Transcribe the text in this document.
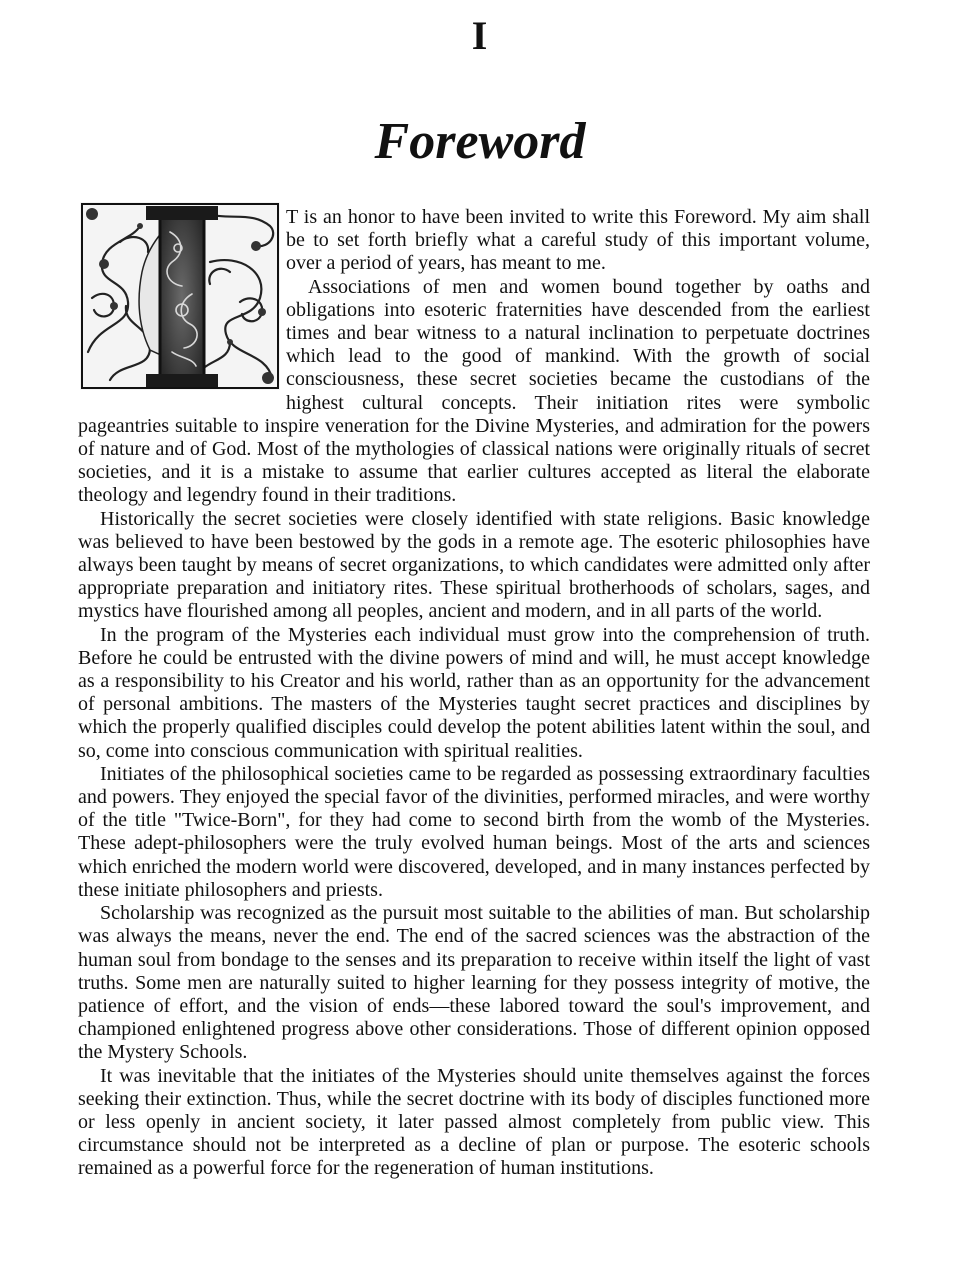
I
Foreword

T is an honor to have been invited to write this Foreword. My aim shall be to set forth briefly what a careful study of this important volume, over a period of years, has meant to me.

Associations of men and women bound together by oaths and obligations into esoteric fraternities have descended from the earliest times and bear witness to a natural inclination to perpetuate doctrines which lead to the good of mankind. With the growth of social consciousness, these secret societies became the custodians of the highest cultural concepts. Their initiation rites were symbolic pageantries suitable to inspire veneration for the Divine Mysteries, and admiration for the powers of nature and of God. Most of the mythologies of classical nations were originally rituals of secret societies, and it is a mistake to assume that earlier cultures accepted as literal the elaborate theology and legendry found in their traditions.

Historically the secret societies were closely identified with state religions. Basic knowledge was believed to have been bestowed by the gods in a remote age. The esoteric philosophies have always been taught by means of secret organizations, to which candidates were admitted only after appropriate preparation and initiatory rites. These spiritual brotherhoods of scholars, sages, and mystics have flourished among all peoples, ancient and modern, and in all parts of the world.

In the program of the Mysteries each individual must grow into the comprehension of truth. Before he could be entrusted with the divine powers of mind and will, he must accept knowledge as a responsibility to his Creator and his world, rather than as an opportunity for the advancement of personal ambitions. The masters of the Mysteries taught secret practices and disciplines by which the properly qualified disciples could develop the potent abilities latent within the soul, and so, come into conscious communication with spiritual realities.

Initiates of the philosophical societies came to be regarded as possessing extraordinary faculties and powers. They enjoyed the special favor of the divinities, performed miracles, and were worthy of the title "Twice-Born", for they had come to second birth from the womb of the Mysteries. These adept-philosophers were the truly evolved human beings. Most of the arts and sciences which enriched the modern world were discovered, developed, and in many instances perfected by these initiate philosophers and priests.

Scholarship was recognized as the pursuit most suitable to the abilities of man. But scholarship was always the means, never the end. The end of the sacred sciences was the abstraction of the human soul from bondage to the senses and its preparation to receive within itself the light of vast truths. Some men are naturally suited to higher learning for they possess integrity of motive, the patience of effort, and the vision of ends—these labored toward the soul's improvement, and championed enlightened progress above other considerations. Those of different opinion opposed the Mystery Schools.

It was inevitable that the initiates of the Mysteries should unite themselves against the forces seeking their extinction. Thus, while the secret doctrine with its body of disciples functioned more or less openly in ancient society, it later passed almost completely from public view. This circumstance should not be interpreted as a decline of plan or purpose. The esoteric schools remained as a powerful force for the regeneration of human institutions.
